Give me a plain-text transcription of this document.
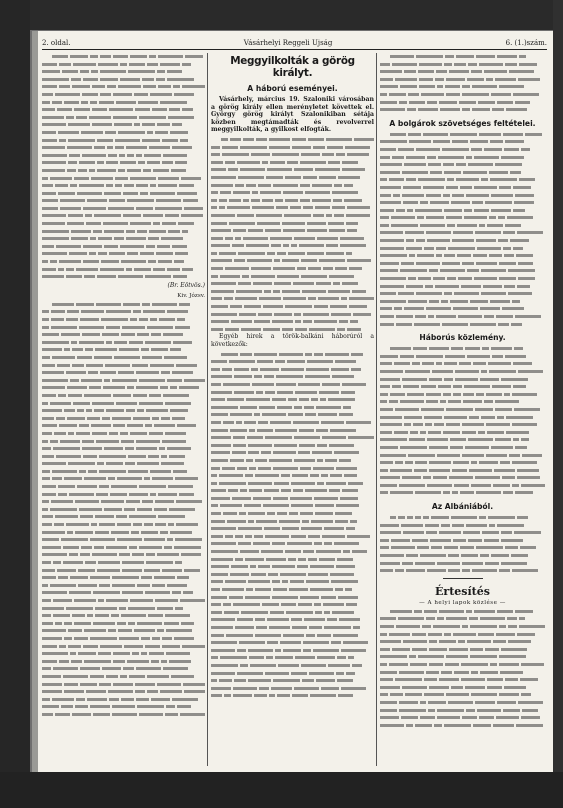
2. oldal.	Vásárhelyi Reggeli Ujság	6. (1.)szám.
(Br. Eötvös.)
Kiv. Józsv.
Meggyilkolták a görög királyt.
A háború eseményei.
Vásárhely, március 19. Szaloniki városában a görög király ellen merényletet követtek el. György görög királyt Szalonikiban sétája közben megtámadták és revolverrel meggyilkolták, a gyilkost elfogták.

Egyéb hirek a török-balkáni háborúról a következők:

A bolgárok szövetséges feltételei.
Háborús közlemény.
Az Albániából.
Értesítés
— A helyi lapok közlése —
